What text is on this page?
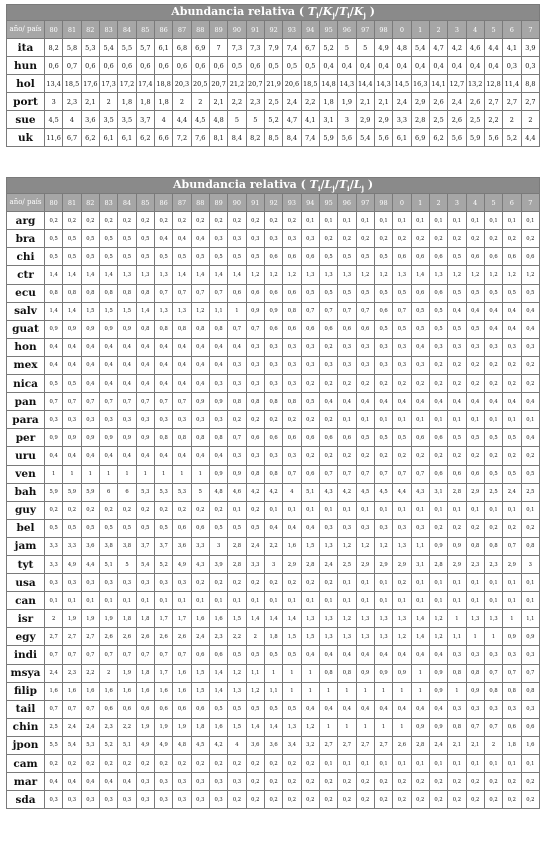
Abundancia relativa ( $T_i/K_j/T_i/K_j$ )																											
año/ país	80	81	82	83	84	85	86	87	88	89	90	91	92	93	94	95	96	97	98	0	1	2	3	4	5	6	7
ita	8,2	5,8	5,3	5,4	5,5	5,7	6,1	6,8	6,9	7	7,3	7,3	7,9	7,4	6,7	5,2	5	5	4,9	4,8	5,4	4,7	4,2	4,6	4,4	4,1	3,9
hun	0,6	0,7	0,6	0,6	0,6	0,6	0,6	0,6	0,6	0,6	0,5	0,6	0,5	0,5	0,5	0,4	0,4	0,4	0,4	0,4	0,4	0,4	0,4	0,4	0,4	0,3	0,3
hol	13,4	18,5	17,6	17,3	17,2	17,4	18,8	20,3	20,5	20,7	21,2	20,7	21,9	20,6	18,5	14,8	14,3	14,4	14,3	14,5	16,3	14,1	12,7	13,2	12,8	11,4	8,8
port	3	2,3	2,1	2	1,8	1,8	1,8	2	2	2,1	2,2	2,3	2,5	2,4	2,2	1,8	1,9	2,1	2,1	2,4	2,9	2,6	2,4	2,6	2,7	2,7	2,7
sue	4,5	4	3,6	3,5	3,5	3,7	4	4,4	4,5	4,8	5	5	5,2	4,7	4,1	3,1	3	2,9	2,9	3,3	2,8	2,5	2,6	2,5	2,2	2	2
uk	11,6	6,7	6,2	6,1	6,1	6,2	6,6	7,2	7,6	8,1	8,4	8,2	8,5	8,4	7,4	5,9	5,6	5,4	5,6	6,1	6,9	6,2	5,6	5,9	5,6	5,2	4,4
Abundancia relativa ( $T_i/L_j/T_i/L_j$ )																											
año/ país	80	81	82	83	84	85	86	87	88	89	90	91	92	93	94	95	96	97	98	0	1	2	3	4	5	6	7
arg	0,2	0,2	0,2	0,2	0,2	0,2	0,2	0,2	0,2	0,2	0,2	0,2	0,2	0,2	0,1	0,1	0,1	0,1	0,1	0,1	0,1	0,1	0,1	0,1	0,1	0,1	0,1
bra	0,5	0,5	0,5	0,5	0,5	0,5	0,4	0,4	0,4	0,3	0,3	0,3	0,3	0,3	0,3	0,2	0,2	0,2	0,2	0,2	0,2	0,2	0,2	0,2	0,2	0,2	0,2
chi	0,5	0,5	0,5	0,5	0,5	0,5	0,5	0,5	0,5	0,5	0,5	0,5	0,6	0,6	0,6	0,5	0,5	0,5	0,5	0,6	0,6	0,6	0,5	0,6	0,6	0,6	0,6
ctr	1,4	1,4	1,4	1,4	1,3	1,3	1,3	1,4	1,4	1,4	1,4	1,2	1,2	1,2	1,3	1,3	1,3	1,2	1,2	1,3	1,4	1,3	1,2	1,2	1,2	1,2	1,2
ecu	0,8	0,8	0,8	0,8	0,8	0,8	0,7	0,7	0,7	0,7	0,6	0,6	0,6	0,6	0,5	0,5	0,5	0,5	0,5	0,5	0,6	0,6	0,5	0,5	0,5	0,5	0,5
salv	1,4	1,4	1,5	1,5	1,5	1,4	1,3	1,3	1,2	1,1	1	0,9	0,9	0,8	0,7	0,7	0,7	0,7	0,6	0,7	0,5	0,5	0,4	0,4	0,4	0,4	0,4
guat	0,9	0,9	0,9	0,9	0,9	0,8	0,8	0,8	0,8	0,8	0,7	0,7	0,6	0,6	0,6	0,6	0,6	0,6	0,5	0,5	0,5	0,5	0,5	0,5	0,4	0,4	0,4
hon	0,4	0,4	0,4	0,4	0,4	0,4	0,4	0,4	0,4	0,4	0,4	0,3	0,3	0,3	0,3	0,2	0,3	0,3	0,3	0,3	0,4	0,3	0,3	0,3	0,3	0,3	0,3
mex	0,4	0,4	0,4	0,4	0,4	0,4	0,4	0,4	0,4	0,4	0,3	0,3	0,3	0,3	0,3	0,3	0,3	0,3	0,3	0,3	0,3	0,2	0,2	0,2	0,2	0,2	0,2
nica	0,5	0,5	0,4	0,4	0,4	0,4	0,4	0,4	0,4	0,3	0,3	0,3	0,3	0,3	0,2	0,2	0,2	0,2	0,2	0,2	0,2	0,2	0,2	0,2	0,2	0,2	0,2
pan	0,7	0,7	0,7	0,7	0,7	0,7	0,7	0,7	0,9	0,9	0,8	0,8	0,8	0,8	0,5	0,4	0,4	0,4	0,4	0,4	0,4	0,4	0,4	0,4	0,4	0,4	0,4
para	0,3	0,3	0,3	0,3	0,3	0,3	0,3	0,3	0,3	0,3	0,2	0,2	0,2	0,2	0,2	0,2	0,1	0,1	0,1	0,1	0,1	0,1	0,1	0,1	0,1	0,1	0,1
per	0,9	0,9	0,9	0,9	0,9	0,9	0,8	0,8	0,8	0,8	0,7	0,6	0,6	0,6	0,6	0,6	0,6	0,5	0,5	0,5	0,6	0,6	0,5	0,5	0,5	0,5	0,4
uru	0,4	0,4	0,4	0,4	0,4	0,4	0,4	0,4	0,4	0,4	0,3	0,3	0,3	0,3	0,2	0,2	0,2	0,2	0,2	0,2	0,2	0,2	0,2	0,2	0,2	0,2	0,2
ven	1	1	1	1	1	1	1	1	1	0,9	0,9	0,8	0,8	0,7	0,6	0,7	0,7	0,7	0,7	0,7	0,7	0,6	0,6	0,6	0,5	0,5	0,5
bah	5,9	5,9	5,9	6	6	5,3	5,3	5,3	5	4,8	4,6	4,2	4,2	4	5,1	4,3	4,2	4,5	4,5	4,4	4,3	3,1	2,8	2,9	2,5	2,4	2,5
guy	0,2	0,2	0,2	0,2	0,2	0,2	0,2	0,2	0,2	0,2	0,1	0,2	0,1	0,1	0,1	0,1	0,1	0,1	0,1	0,1	0,1	0,1	0,1	0,1	0,1	0,1	0,1
bel	0,5	0,5	0,5	0,5	0,5	0,5	0,5	0,6	0,6	0,5	0,5	0,5	0,4	0,4	0,4	0,3	0,3	0,3	0,3	0,3	0,3	0,2	0,2	0,2	0,2	0,2	0,2
jam	3,3	3,3	3,6	3,8	3,8	3,7	3,7	3,6	3,3	3	2,8	2,4	2,2	1,6	1,5	1,3	1,2	1,2	1,2	1,3	1,1	0,9	0,9	0,8	0,8	0,7	0,8
tyt	3,3	4,9	4,4	5,1	5	5,4	5,2	4,9	4,3	3,9	2,8	3,3	3	2,9	2,8	2,4	2,5	2,9	2,9	2,9	3,1	2,8	2,9	2,3	2,3	2,9	3
usa	0,3	0,3	0,3	0,3	0,3	0,3	0,3	0,3	0,2	0,2	0,2	0,2	0,2	0,2	0,2	0,2	0,1	0,1	0,1	0,2	0,1	0,1	0,1	0,1	0,1	0,1	0,1
can	0,1	0,1	0,1	0,1	0,1	0,1	0,1	0,1	0,1	0,1	0,1	0,1	0,1	0,1	0,1	0,1	0,1	0,1	0,1	0,1	0,1	0,1	0,1	0,1	0,1	0,1	0,1
isr	2	1,9	1,9	1,9	1,8	1,8	1,7	1,7	1,6	1,6	1,5	1,4	1,4	1,4	1,3	1,3	1,2	1,3	1,3	1,3	1,4	1,2	1	1,3	1,3	1	1,1
egy	2,7	2,7	2,7	2,6	2,6	2,6	2,6	2,6	2,4	2,3	2,2	2	1,8	1,5	1,5	1,3	1,3	1,3	1,3	1,2	1,4	1,2	1,1	1	1	0,9	0,9
indi	0,7	0,7	0,7	0,7	0,7	0,7	0,7	0,7	0,6	0,6	0,5	0,5	0,5	0,5	0,4	0,4	0,4	0,4	0,4	0,4	0,4	0,4	0,3	0,3	0,3	0,3	0,3
msya	2,4	2,3	2,2	2	1,9	1,8	1,7	1,6	1,5	1,4	1,2	1,1	1	1	1	0,8	0,8	0,9	0,9	0,9	1	0,9	0,8	0,8	0,7	0,7	0,7
filip	1,6	1,6	1,6	1,6	1,6	1,6	1,6	1,6	1,5	1,4	1,3	1,2	1,1	1	1	1	1	1	1	1	1	0,9	1	0,9	0,8	0,8	0,8
tail	0,7	0,7	0,7	0,6	0,6	0,6	0,6	0,6	0,6	0,5	0,5	0,5	0,5	0,5	0,4	0,4	0,4	0,4	0,4	0,4	0,4	0,4	0,3	0,3	0,3	0,3	0,3
chin	2,5	2,4	2,4	2,3	2,2	1,9	1,9	1,9	1,8	1,6	1,5	1,4	1,4	1,3	1,2	1	1	1	1	1	0,9	0,9	0,8	0,7	0,7	0,6	0,6
jpon	5,5	5,4	5,3	5,2	5,1	4,9	4,9	4,8	4,5	4,2	4	3,6	3,6	3,4	3,2	2,7	2,7	2,7	2,7	2,6	2,8	2,4	2,1	2,1	2	1,8	1,6
cam	0,2	0,2	0,2	0,2	0,2	0,2	0,2	0,2	0,2	0,2	0,2	0,2	0,2	0,2	0,2	0,1	0,1	0,1	0,1	0,1	0,1	0,1	0,1	0,1	0,1	0,1	0,1
mar	0,4	0,4	0,4	0,4	0,4	0,3	0,3	0,3	0,3	0,3	0,3	0,2	0,2	0,2	0,2	0,2	0,2	0,2	0,2	0,2	0,2	0,2	0,2	0,2	0,2	0,2	0,2
sda	0,3	0,3	0,3	0,3	0,3	0,3	0,3	0,3	0,3	0,3	0,2	0,2	0,2	0,2	0,2	0,2	0,2	0,2	0,2	0,2	0,2	0,2	0,2	0,2	0,2	0,2	0,2
